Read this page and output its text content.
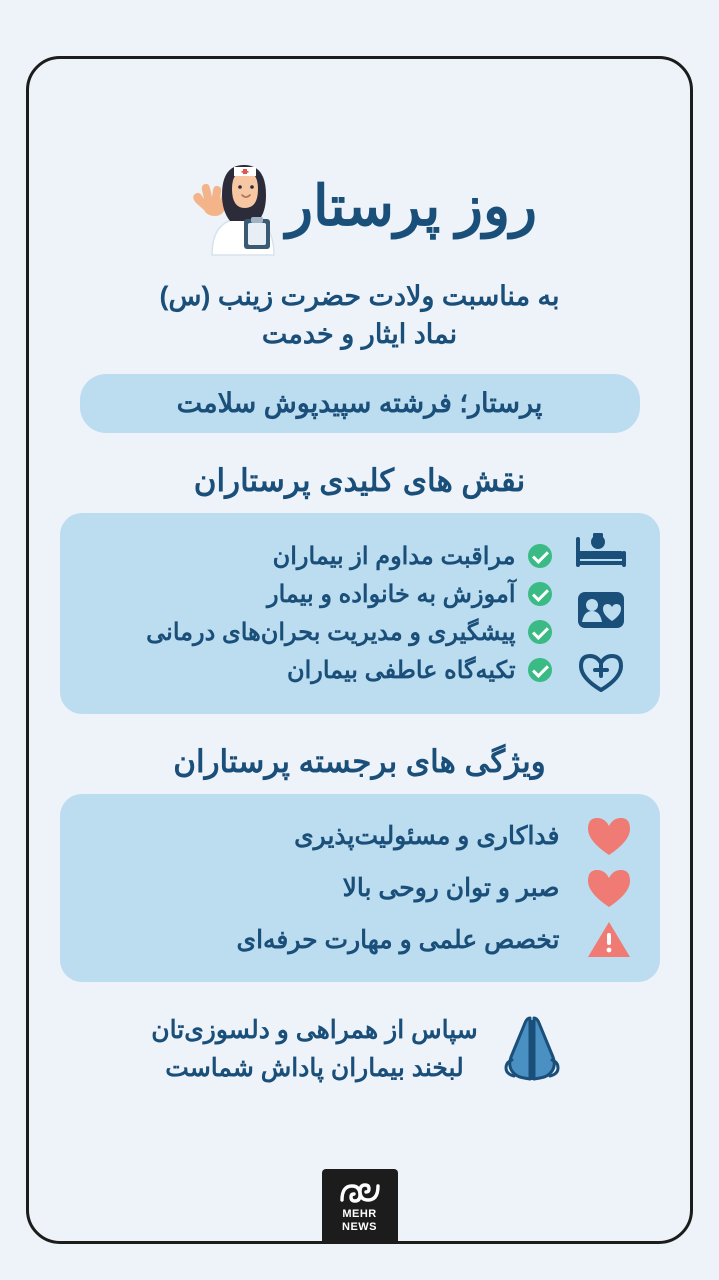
روز پرستار
به مناسبت ولادت حضرت زینب (س)
نماد ایثار و خدمت
پرستار؛ فرشته سپیدپوش سلامت
نقش های کلیدی پرستاران
مراقبت مداوم از بیماران
آموزش به خانواده و بیمار
پیشگیری و مدیریت بحران‌های درمانی
تکیه‌گاه عاطفی بیماران
ویژگی های برجسته پرستاران
فداکاری و مسئولیت‌پذیری
صبر و توان روحی بالا
تخصص علمی و مهارت حرفه‌ای
سپاس از همراهی و دلسوزی‌تان
لبخند بیماران پاداش شماست
MEHR
NEWS
